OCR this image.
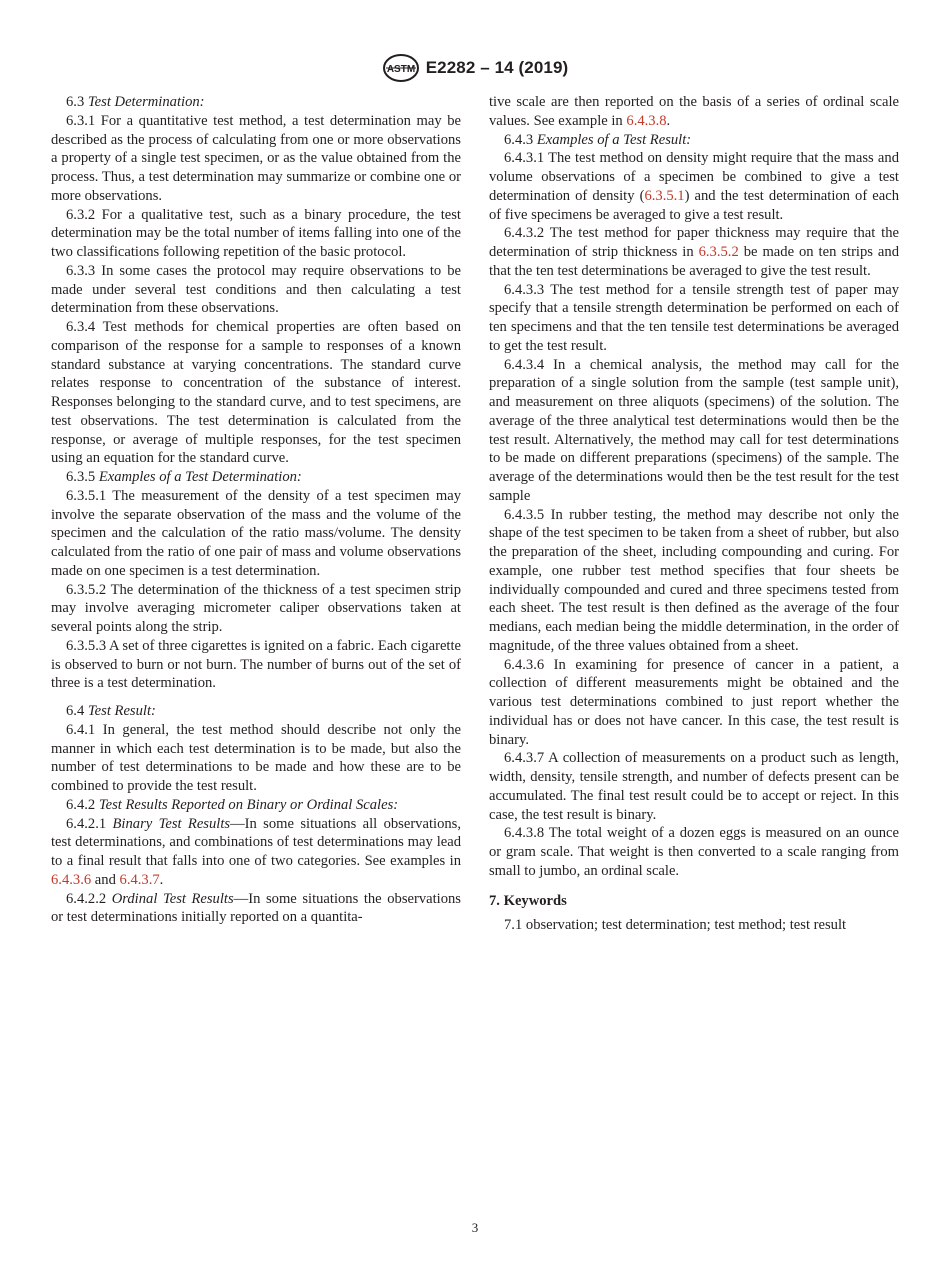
ASTM E2282 – 14 (2019)

6.3 Test Determination:

6.3.1 For a quantitative test method, a test determination may be described as the process of calculating from one or more observations a property of a single test specimen, or as the value obtained from the process. Thus, a test determination may summarize or combine one or more observations.

6.3.2 For a qualitative test, such as a binary procedure, the test determination may be the total number of items falling into one of the two classifications following repetition of the basic protocol.

6.3.3 In some cases the protocol may require observations to be made under several test conditions and then calculating a test determination from these observations.

6.3.4 Test methods for chemical properties are often based on comparison of the response for a sample to responses of a known standard substance at varying concentrations. The standard curve relates response to concentration of the substance of interest. Responses belonging to the standard curve, and to test specimens, are test observations. The test determination is calculated from the response, or average of multiple responses, for the test specimen using an equation for the standard curve.

6.3.5 Examples of a Test Determination:

6.3.5.1 The measurement of the density of a test specimen may involve the separate observation of the mass and the volume of the specimen and the calculation of the ratio mass/volume. The density calculated from the ratio of one pair of mass and volume observations made on one specimen is a test determination.

6.3.5.2 The determination of the thickness of a test specimen strip may involve averaging micrometer caliper observations taken at several points along the strip.

6.3.5.3 A set of three cigarettes is ignited on a fabric. Each cigarette is observed to burn or not burn. The number of burns out of the set of three is a test determination.

6.4 Test Result:

6.4.1 In general, the test method should describe not only the manner in which each test determination is to be made, but also the number of test determinations to be made and how these are to be combined to provide the test result.

6.4.2 Test Results Reported on Binary or Ordinal Scales:

6.4.2.1 Binary Test Results—In some situations all observations, test determinations, and combinations of test determinations may lead to a final result that falls into one of two categories. See examples in 6.4.3.6 and 6.4.3.7.

6.4.2.2 Ordinal Test Results—In some situations the observations or test determinations initially reported on a quantita-

tive scale are then reported on the basis of a series of ordinal scale values. See example in 6.4.3.8.

6.4.3 Examples of a Test Result:

6.4.3.1 The test method on density might require that the mass and volume observations of a specimen be combined to give a test determination of density (6.3.5.1) and the test determination of each of five specimens be averaged to give a test result.

6.4.3.2 The test method for paper thickness may require that the determination of strip thickness in 6.3.5.2 be made on ten strips and that the ten test determinations be averaged to give the test result.

6.4.3.3 The test method for a tensile strength test of paper may specify that a tensile strength determination be performed on each of ten specimens and that the ten tensile test determinations be averaged to get the test result.

6.4.3.4 In a chemical analysis, the method may call for the preparation of a single solution from the sample (test sample unit), and measurement on three aliquots (specimens) of the solution. The average of the three analytical test determinations would then be the test result. Alternatively, the method may call for test determinations to be made on different preparations (specimens) of the sample. The average of the determinations would then be the test result for the test sample

6.4.3.5 In rubber testing, the method may describe not only the shape of the test specimen to be taken from a sheet of rubber, but also the preparation of the sheet, including compounding and curing. For example, one rubber test method specifies that four sheets be individually compounded and cured and three specimens tested from each sheet. The test result is then defined as the average of the four medians, each median being the middle determination, in the order of magnitude, of the three values obtained from a sheet.

6.4.3.6 In examining for presence of cancer in a patient, a collection of different measurements might be obtained and the various test determinations combined to just report whether the individual has or does not have cancer. In this case, the test result is binary.

6.4.3.7 A collection of measurements on a product such as length, width, density, tensile strength, and number of defects present can be accumulated. The final test result could be to accept or reject. In this case, the test result is binary.

6.4.3.8 The total weight of a dozen eggs is measured on an ounce or gram scale. That weight is then converted to a scale ranging from small to jumbo, an ordinal scale.

7. Keywords

7.1 observation; test determination; test method; test result

3
